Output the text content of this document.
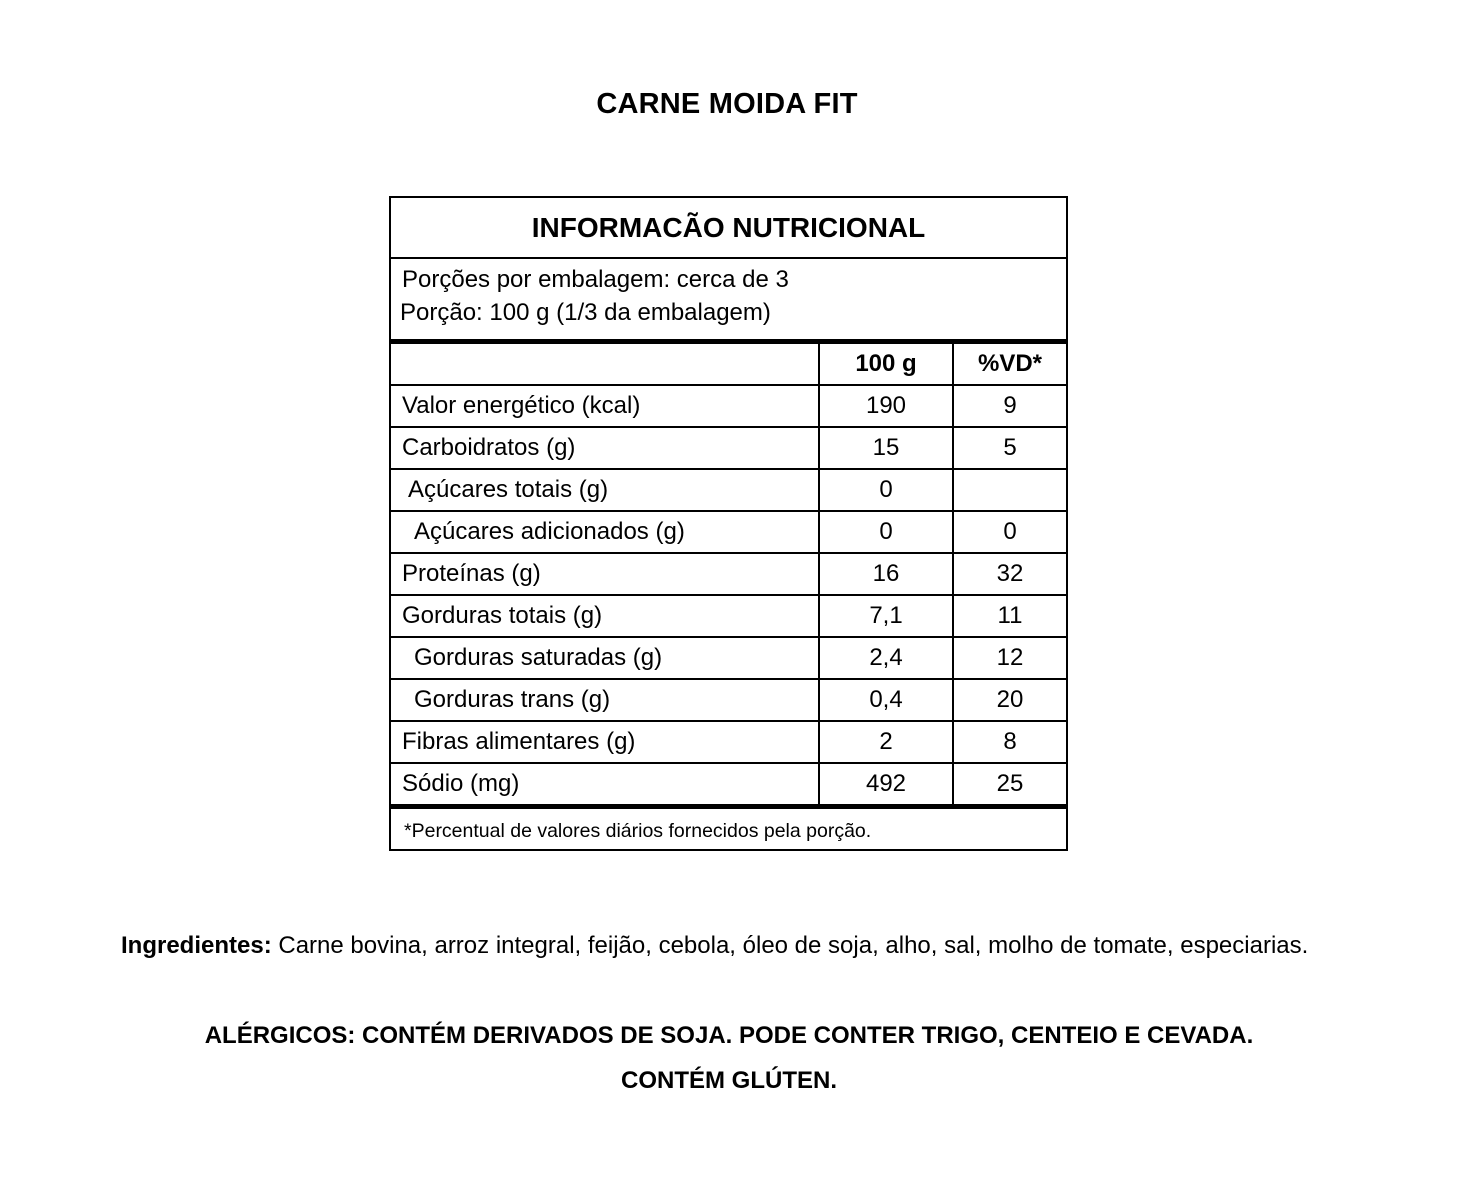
CARNE MOIDA FIT
INFORMACÃO NUTRICIONAL
Porções por embalagem: cerca de 3
Porção: 100 g (1/3 da embalagem)
	100 g	%VD*
Valor energético (kcal)	190	9
Carboidratos (g)	15	5
Açúcares totais (g)	0	
Açúcares adicionados (g)	0	0
Proteínas (g)	16	32
Gorduras totais (g)	7,1	11
Gorduras saturadas (g)	2,4	12
Gorduras trans (g)	0,4	20
Fibras alimentares (g)	2	8
Sódio (mg)	492	25
*Percentual de valores diários fornecidos pela porção.
Ingredientes: Carne bovina, arroz integral, feijão, cebola, óleo de soja, alho, sal, molho de tomate, especiarias.
ALÉRGICOS: CONTÉM DERIVADOS DE SOJA. PODE CONTER TRIGO, CENTEIO E CEVADA.
CONTÉM GLÚTEN.
